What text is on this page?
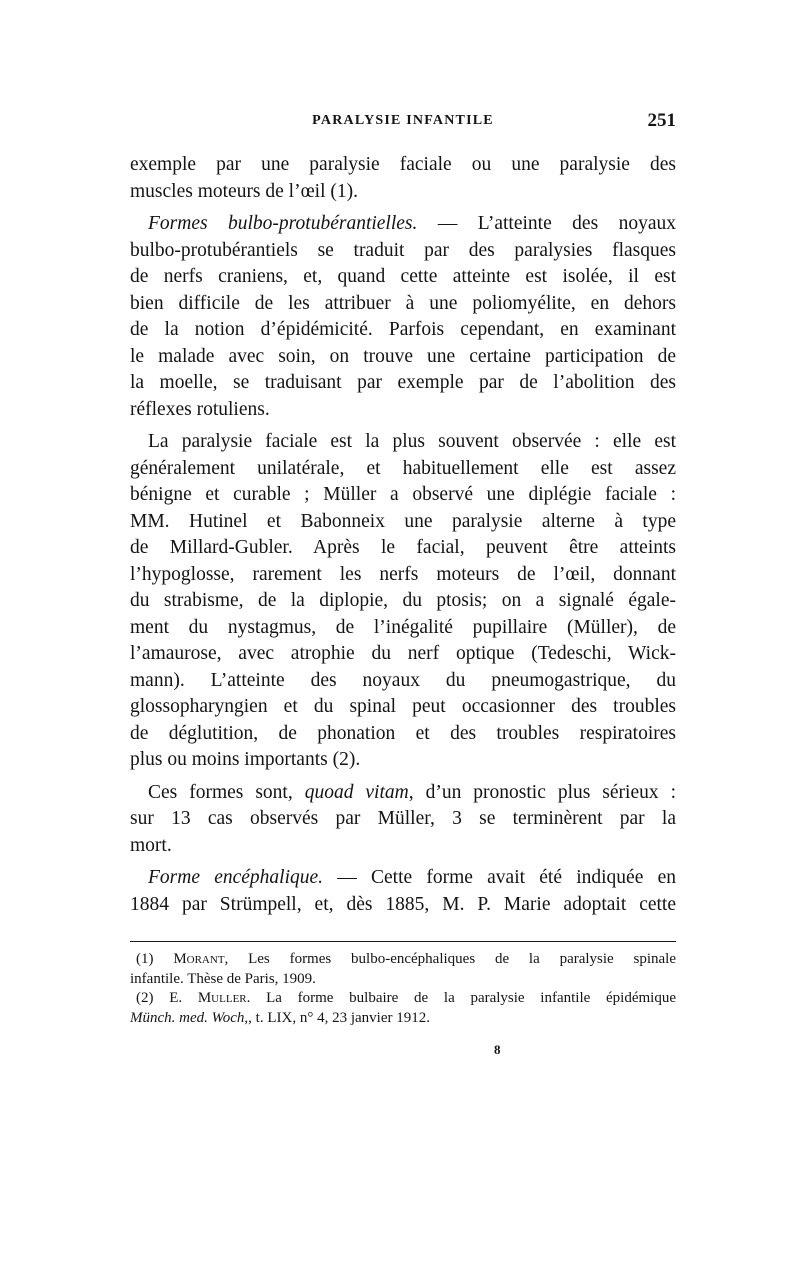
PARALYSIE INFANTILE	251

exemple par une paralysie faciale ou une paralysie des
muscles moteurs de l’œil (1).

Formes bulbo-protubérantielles. — L’atteinte des noyaux
bulbo-protubérantiels se traduit par des paralysies flasques
de nerfs craniens, et, quand cette atteinte est isolée, il est
bien difficile de les attribuer à une poliomyélite, en dehors
de la notion d’épidémicité. Parfois cependant, en examinant
le malade avec soin, on trouve une certaine participation de
la moelle, se traduisant par exemple par de l’abolition des
réflexes rotuliens.

La paralysie faciale est la plus souvent observée : elle est
généralement unilatérale, et habituellement elle est assez
bénigne et curable ; Müller a observé une diplégie faciale :
MM. Hutinel et Babonneix une paralysie alterne à type
de Millard-Gubler. Après le facial, peuvent être atteints
l’hypoglosse, rarement les nerfs moteurs de l’œil, donnant
du strabisme, de la diplopie, du ptosis; on a signalé égale-
ment du nystagmus, de l’inégalité pupillaire (Müller), de
l’amaurose, avec atrophie du nerf optique (Tedeschi, Wick-
mann). L’atteinte des noyaux du pneumogastrique, du
glossopharyngien et du spinal peut occasionner des troubles
de déglutition, de phonation et des troubles respiratoires
plus ou moins importants (2).

Ces formes sont, quoad vitam, d’un pronostic plus sérieux :
sur 13 cas observés par Müller, 3 se terminèrent par la
mort.

Forme encéphalique. — Cette forme avait été indiquée en
1884 par Strümpell, et, dès 1885, M. P. Marie adoptait cette

(1) Morant, Les formes bulbo-encéphaliques de la paralysie spinale
infantile. Thèse de Paris, 1909.
(2) E. Muller. La forme bulbaire de la paralysie infantile épidémique
Münch. med. Woch,, t. LIX, n° 4, 23 janvier 1912.
8
